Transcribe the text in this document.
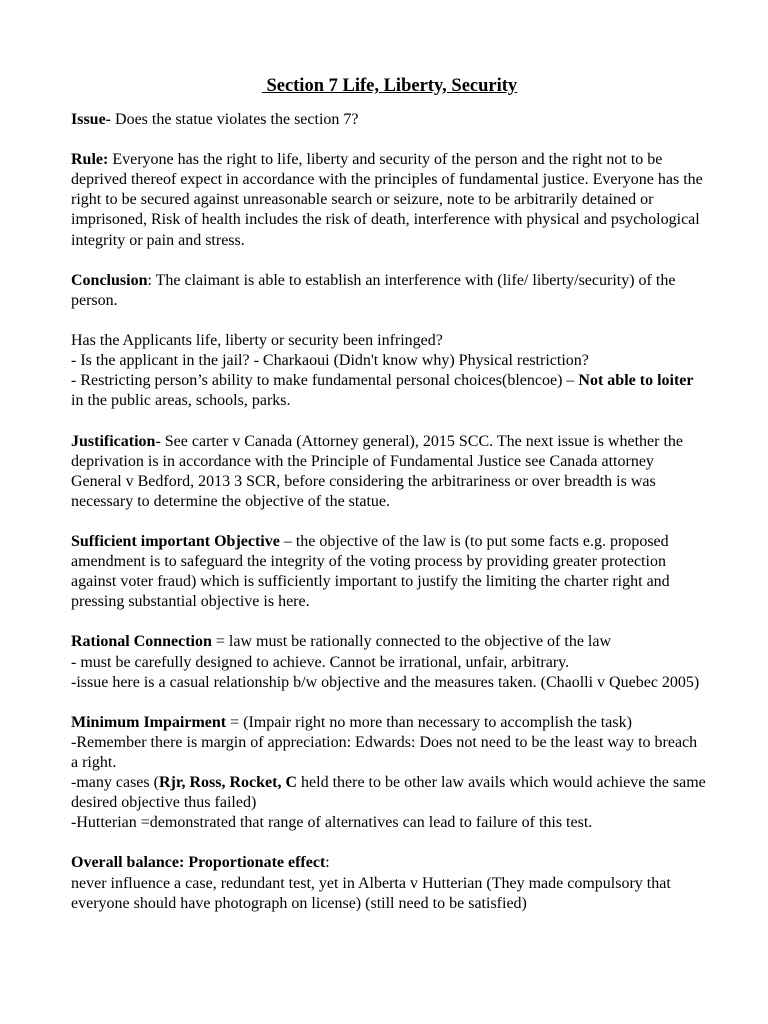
Section 7 Life, Liberty, Security

Issue- Does the statue violates the section 7?

Rule: Everyone has the right to life, liberty and security of the person and the right not to be deprived thereof expect in accordance with the principles of fundamental justice. Everyone has the right to be secured against unreasonable search or seizure, note to be arbitrarily detained or imprisoned, Risk of health includes the risk of death, interference with physical and psychological integrity or pain and stress.

Conclusion: The claimant is able to establish an interference with (life/ liberty/security) of the person.

Has the Applicants life, liberty or security been infringed?
- Is the applicant in the jail? - Charkaoui (Didn't know why) Physical restriction?
- Restricting person’s ability to make fundamental personal choices(blencoe) – Not able to loiter in the public areas, schools, parks.

Justification- See carter v Canada (Attorney general), 2015 SCC. The next issue is whether the deprivation is in accordance with the Principle of Fundamental Justice see Canada attorney General v Bedford, 2013 3 SCR, before considering the arbitrariness or over breadth is was necessary to determine the objective of the statue.

Sufficient important Objective – the objective of the law is (to put some facts e.g. proposed amendment is to safeguard the integrity of the voting process by providing greater protection against voter fraud) which is sufficiently important to justify the limiting the charter right and pressing substantial objective is here.

Rational Connection = law must be rationally connected to the objective of the law
- must be carefully designed to achieve. Cannot be irrational, unfair, arbitrary.
-issue here is a casual relationship b/w objective and the measures taken. (Chaolli v Quebec 2005)

Minimum Impairment = (Impair right no more than necessary to accomplish the task)
-Remember there is margin of appreciation: Edwards: Does not need to be the least way to breach a right.
-many cases (Rjr, Ross, Rocket, C held there to be other law avails which would achieve the same desired objective thus failed)
-Hutterian =demonstrated that range of alternatives can lead to failure of this test.

Overall balance: Proportionate effect:
never influence a case, redundant test, yet in Alberta v Hutterian (They made compulsory that everyone should have photograph on license) (still need to be satisfied)
